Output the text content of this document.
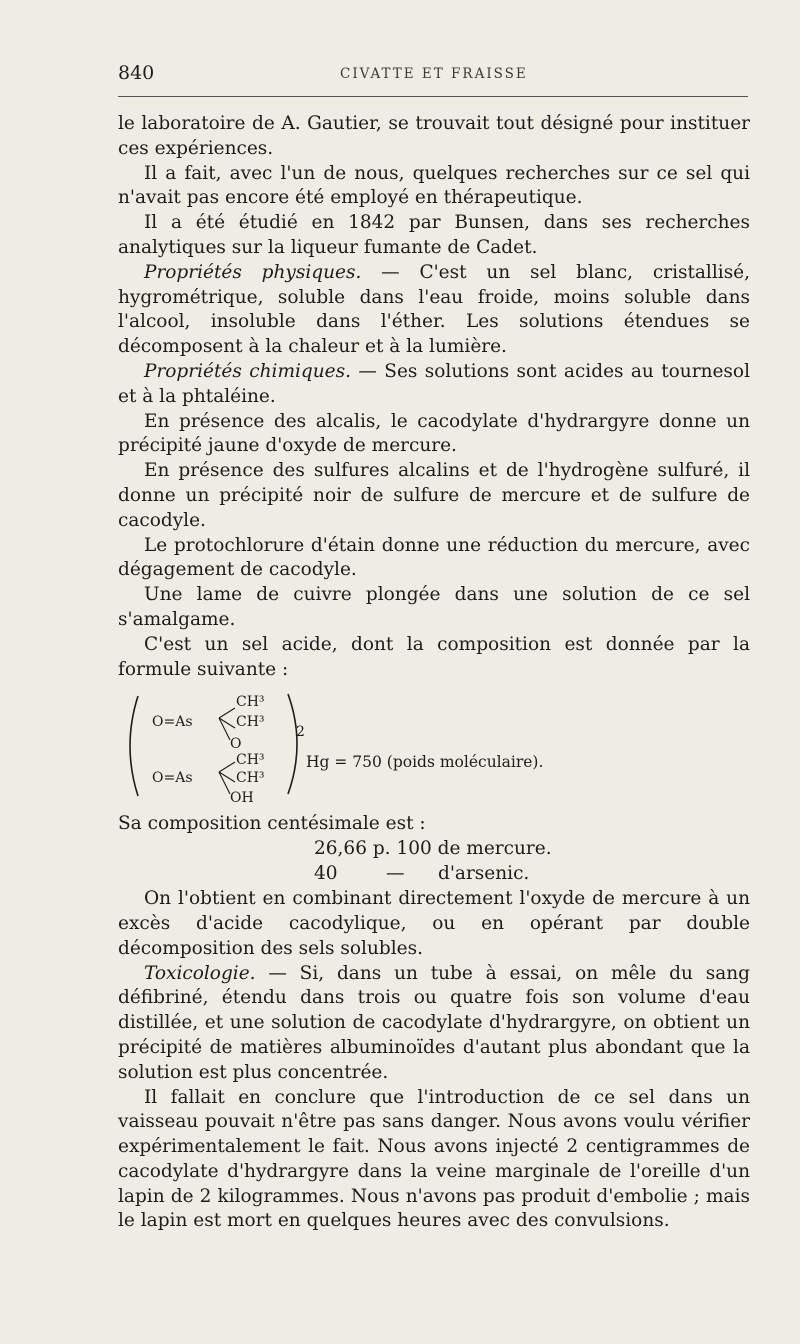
840	CIVATTE ET FRAISSE

le laboratoire de A. Gautier, se trouvait tout désigné pour instituer ces expériences.

Il a fait, avec l'un de nous, quelques recherches sur ce sel qui n'avait pas encore été employé en thérapeutique.

Il a été étudié en 1842 par Bunsen, dans ses recherches analytiques sur la liqueur fumante de Cadet.

Propriétés physiques. — C'est un sel blanc, cristallisé, hygrométrique, soluble dans l'eau froide, moins soluble dans l'alcool, insoluble dans l'éther. Les solutions étendues se décomposent à la chaleur et à la lumière.

Propriétés chimiques. — Ses solutions sont acides au tournesol et à la phtaléine.

En présence des alcalis, le cacodylate d'hydrargyre donne un précipité jaune d'oxyde de mercure.

En présence des sulfures alcalins et de l'hydrogène sulfuré, il donne un précipité noir de sulfure de mercure et de sulfure de cacodyle.

Le protochlorure d'étain donne une réduction du mercure, avec dégagement de cacodyle.

Une lame de cuivre plongée dans une solution de ce sel s'amalgame.

C'est un sel acide, dont la composition est donnée par la formule suivante :

CH³
O=As	CH³
2
O
CH³	Hg = 750 (poids moléculaire).
O=As	CH³
OH

Sa composition centésimale est :

26,66 p. 100 de mercure.
40	— d'arsenic.

On l'obtient en combinant directement l'oxyde de mercure à un excès d'acide cacodylique, ou en opérant par double décomposition des sels solubles.

Toxicologie. — Si, dans un tube à essai, on mêle du sang défibriné, étendu dans trois ou quatre fois son volume d'eau distillée, et une solution de cacodylate d'hydrargyre, on obtient un précipité de matières albuminoïdes d'autant plus abondant que la solution est plus concentrée.

Il fallait en conclure que l'introduction de ce sel dans un vaisseau pouvait n'être pas sans danger. Nous avons voulu vérifier expérimentalement le fait. Nous avons injecté 2 centigrammes de cacodylate d'hydrargyre dans la veine marginale de l'oreille d'un lapin de 2 kilogrammes. Nous n'avons pas produit d'embolie ; mais le lapin est mort en quelques heures avec des convulsions.
